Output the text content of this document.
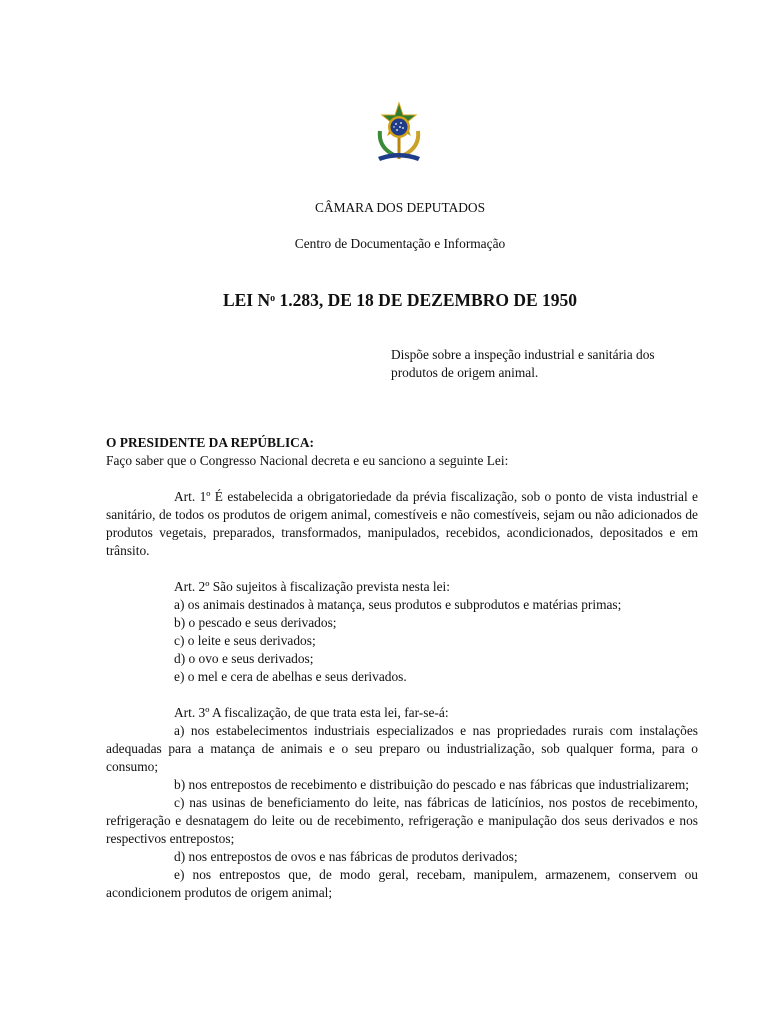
CÂMARA DOS DEPUTADOS
Centro de Documentação e Informação
LEI $N^o$ 1.283, DE 18 DE DEZEMBRO DE 1950
Dispõe sobre a inspeção industrial e sanitária dos
produtos de origem animal.

O PRESIDENTE DA REPÚBLICA:

Faço saber que o Congresso Nacional decreta e eu sanciono a seguinte Lei:

Art. 1º É estabelecida a obrigatoriedade da prévia fiscalização, sob o ponto de vista industrial e sanitário, de todos os produtos de origem animal, comestíveis e não comestíveis, sejam ou não adicionados de produtos vegetais, preparados, transformados, manipulados, recebidos, acondicionados, depositados e em trânsito.

Art. 2º São sujeitos à fiscalização prevista nesta lei:

a) os animais destinados à matança, seus produtos e subprodutos e matérias primas;

b) o pescado e seus derivados;

c) o leite e seus derivados;

d) o ovo e seus derivados;

e) o mel e cera de abelhas e seus derivados.

Art. 3º A fiscalização, de que trata esta lei, far-se-á:

a) nos estabelecimentos industriais especializados e nas propriedades rurais com instalações adequadas para a matança de animais e o seu preparo ou industrialização, sob qualquer forma, para o consumo;

b) nos entrepostos de recebimento e distribuição do pescado e nas fábricas que industrializarem;

c) nas usinas de beneficiamento do leite, nas fábricas de laticínios, nos postos de recebimento, refrigeração e desnatagem do leite ou de recebimento, refrigeração e manipulação dos seus derivados e nos respectivos entrepostos;

d) nos entrepostos de ovos e nas fábricas de produtos derivados;

e) nos entrepostos que, de modo geral, recebam, manipulem, armazenem, conservem ou acondicionem produtos de origem animal;
